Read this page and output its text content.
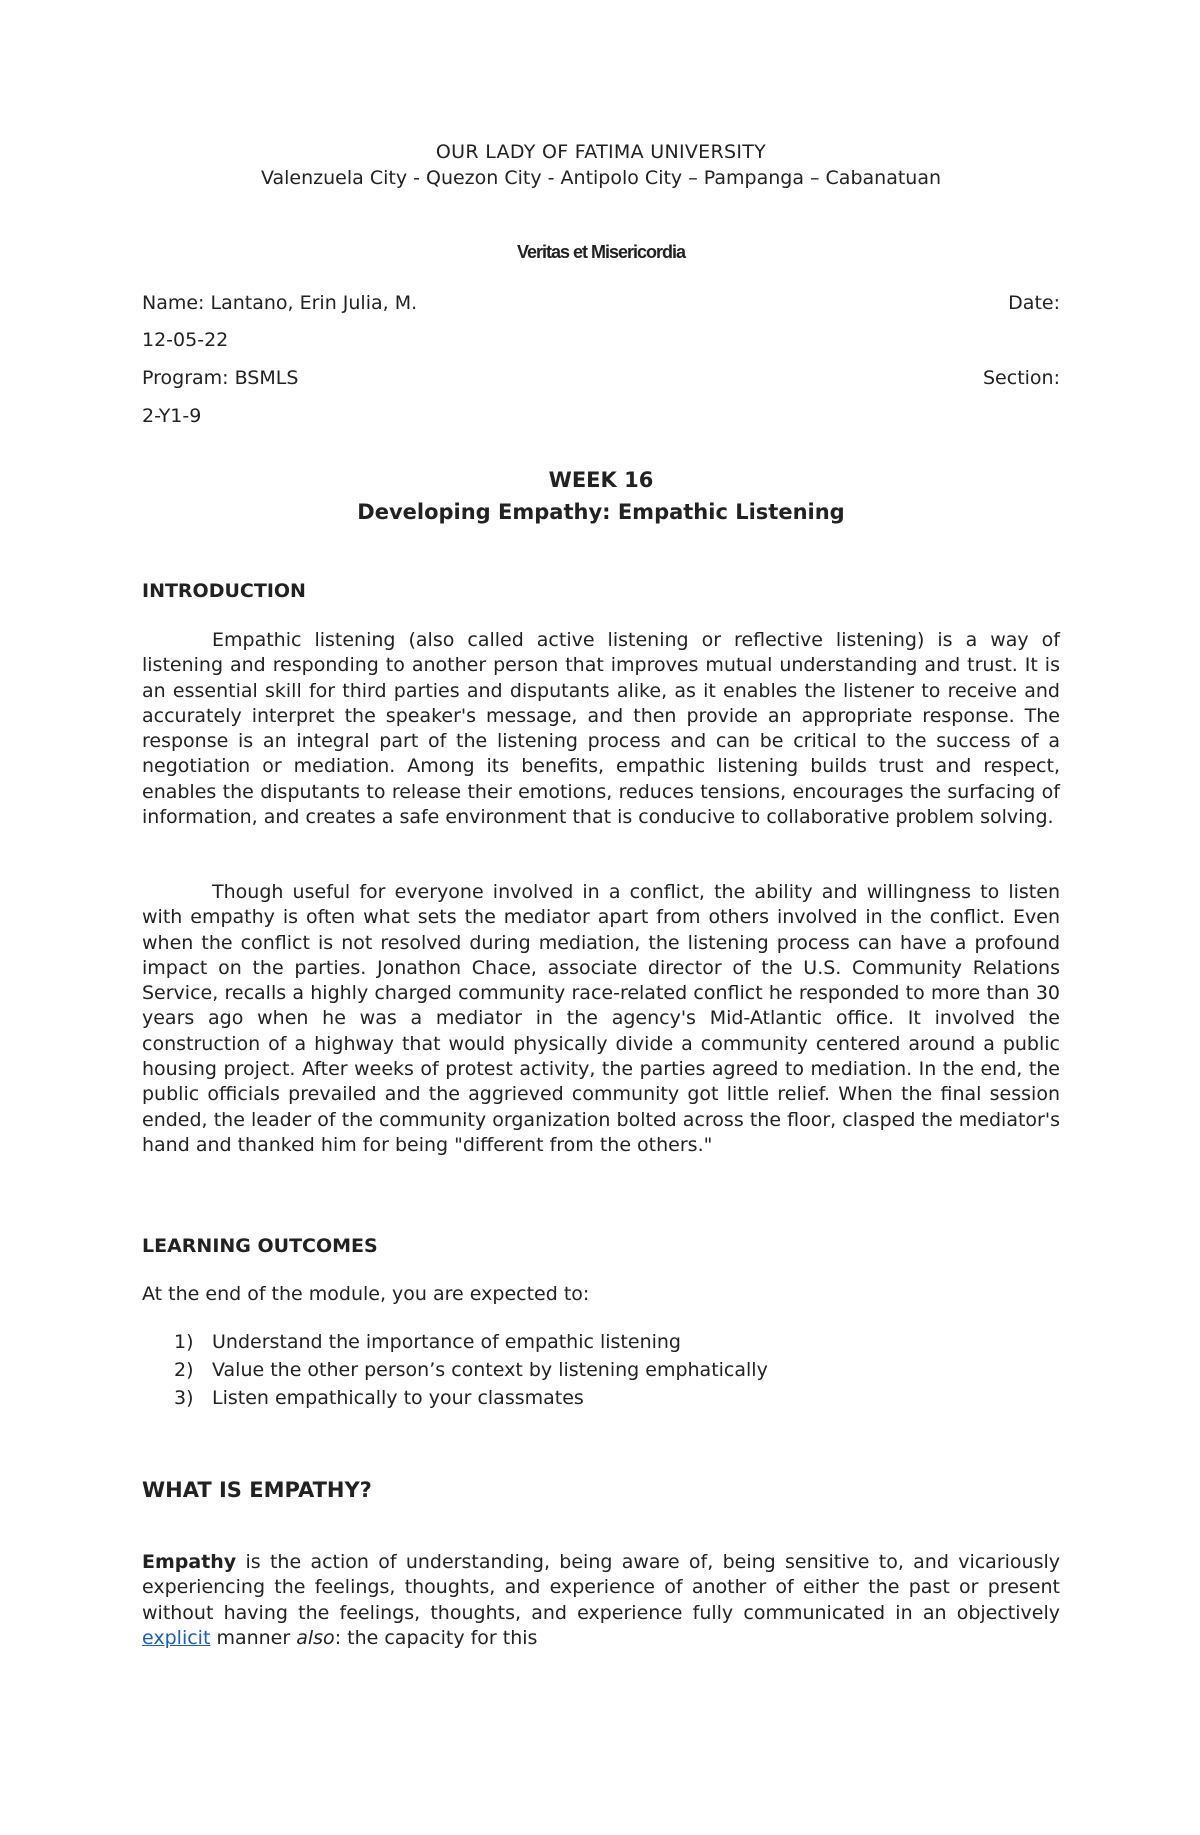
OUR LADY OF FATIMA UNIVERSITY
Valenzuela City - Quezon City - Antipolo City – Pampanga – Cabanatuan
Veritas et Misericordia
Name: Lantano, Erin Julia, M.	Date:
12-05-22
Program: BSMLS	Section:
2-Y1-9
WEEK 16
Developing Empathy: Empathic Listening
INTRODUCTION
Empathic listening (also called active listening or reflective listening) is a way of listening and responding to another person that improves mutual understanding and trust. It is an essential skill for third parties and disputants alike, as it enables the listener to receive and accurately interpret the speaker's message, and then provide an appropriate response. The response is an integral part of the listening process and can be critical to the success of a negotiation or mediation. Among its benefits, empathic listening builds trust and respect, enables the disputants to release their emotions, reduces tensions, encourages the surfacing of information, and creates a safe environment that is conducive to collaborative problem solving.
Though useful for everyone involved in a conflict, the ability and willingness to listen with empathy is often what sets the mediator apart from others involved in the conflict. Even when the conflict is not resolved during mediation, the listening process can have a profound impact on the parties. Jonathon Chace, associate director of the U.S. Community Relations Service, recalls a highly charged community race-related conflict he responded to more than 30 years ago when he was a mediator in the agency's Mid-Atlantic office. It involved the construction of a highway that would physically divide a community centered around a public housing project. After weeks of protest activity, the parties agreed to mediation. In the end, the public officials prevailed and the aggrieved community got little relief. When the final session ended, the leader of the community organization bolted across the floor, clasped the mediator's hand and thanked him for being "different from the others."
LEARNING OUTCOMES
At the end of the module, you are expected to:
1) Understand the importance of empathic listening
2) Value the other person’s context by listening emphatically
3) Listen empathically to your classmates
WHAT IS EMPATHY?
Empathy is the action of understanding, being aware of, being sensitive to, and vicariously experiencing the feelings, thoughts, and experience of another of either the past or present without having the feelings, thoughts, and experience fully communicated in an objectively explicit manner also: the capacity for this
